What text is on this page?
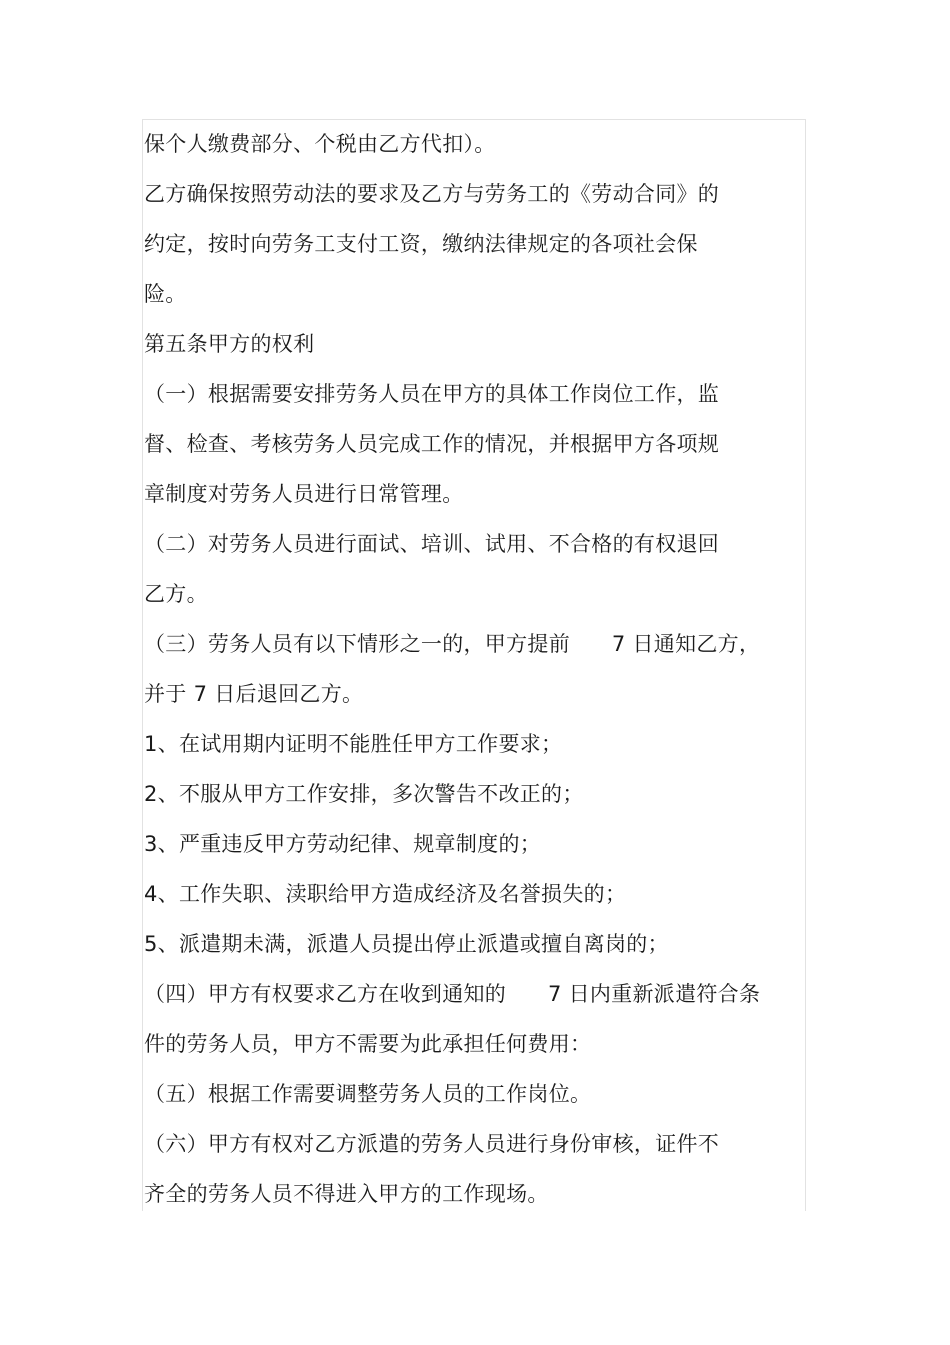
保个人缴费部分、个税由乙方代扣）。
乙方确保按照劳动法的要求及乙方与劳务工的《劳动合同》的
约定，按时向劳务工支付工资，缴纳法律规定的各项社会保
险。
第五条甲方的权利
（一）根据需要安排劳务人员在甲方的具体工作岗位工作，监
督、检查、考核劳务人员完成工作的情况，并根据甲方各项规
章制度对劳务人员进行日常管理。
（二）对劳务人员进行面试、培训、试用、不合格的有权退回
乙方。
（三）劳务人员有以下情形之一的，甲方提前      7 日通知乙方，
并于 7 日后退回乙方。
1、在试用期内证明不能胜任甲方工作要求；
2、不服从甲方工作安排，多次警告不改正的；
3、严重违反甲方劳动纪律、规章制度的；
4、工作失职、渎职给甲方造成经济及名誉损失的；
5、派遣期未满，派遣人员提出停止派遣或擅自离岗的；
（四）甲方有权要求乙方在收到通知的      7 日内重新派遣符合条
件的劳务人员，甲方不需要为此承担任何费用：
（五）根据工作需要调整劳务人员的工作岗位。
（六）甲方有权对乙方派遣的劳务人员进行身份审核，证件不
齐全的劳务人员不得进入甲方的工作现场。
